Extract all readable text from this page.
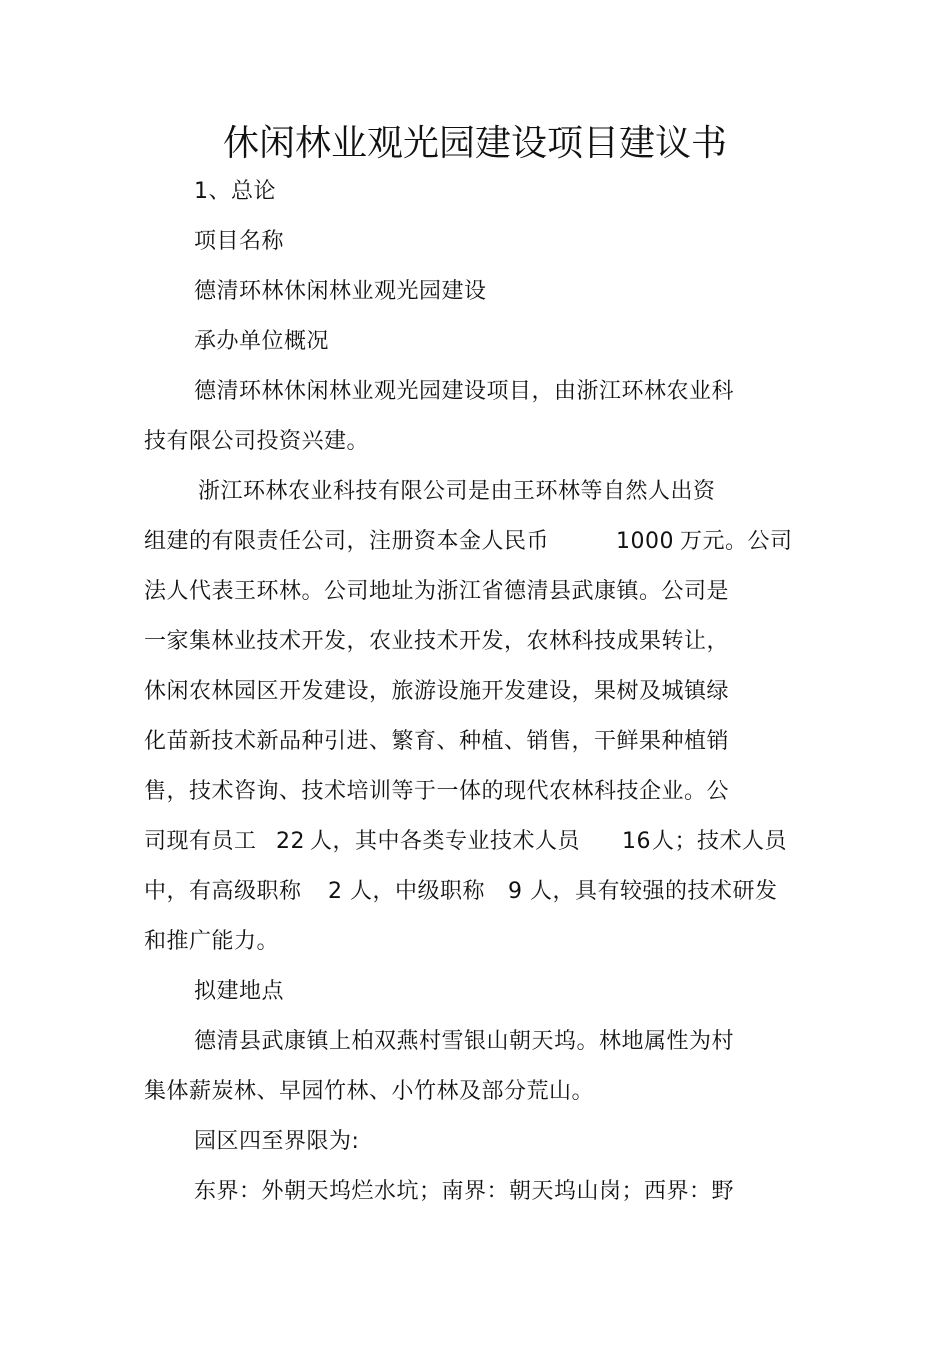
休闲林业观光园建设项目建议书
1、总论
项目名称
德清环林休闲林业观光园建设
承办单位概况
德清环林休闲林业观光园建设项目，由浙江环林农业科
技有限公司投资兴建。
浙江环林农业科技有限公司是由王环林等自然人出资
组建的有限责任公司，注册资本金人民币	1000 万元。公司
法人代表王环林。公司地址为浙江省德清县武康镇。公司是
一家集林业技术开发，农业技术开发，农林科技成果转让，
休闲农林园区开发建设，旅游设施开发建设，果树及城镇绿
化苗新技术新品种引进、繁育、种植、销售，干鲜果种植销
售，技术咨询、技术培训等于一体的现代农林科技企业。公
司现有员工 22 人，其中各类专业技术人员 16 人；技术人员
中，有高级职称 2 人，中级职称 9 人，具有较强的技术研发
和推广能力。
拟建地点
德清县武康镇上柏双燕村雪银山朝天坞。林地属性为村
集体薪炭林、早园竹林、小竹林及部分荒山。
园区四至界限为:
东界：外朝天坞烂水坑；南界：朝天坞山岗；西界：野
